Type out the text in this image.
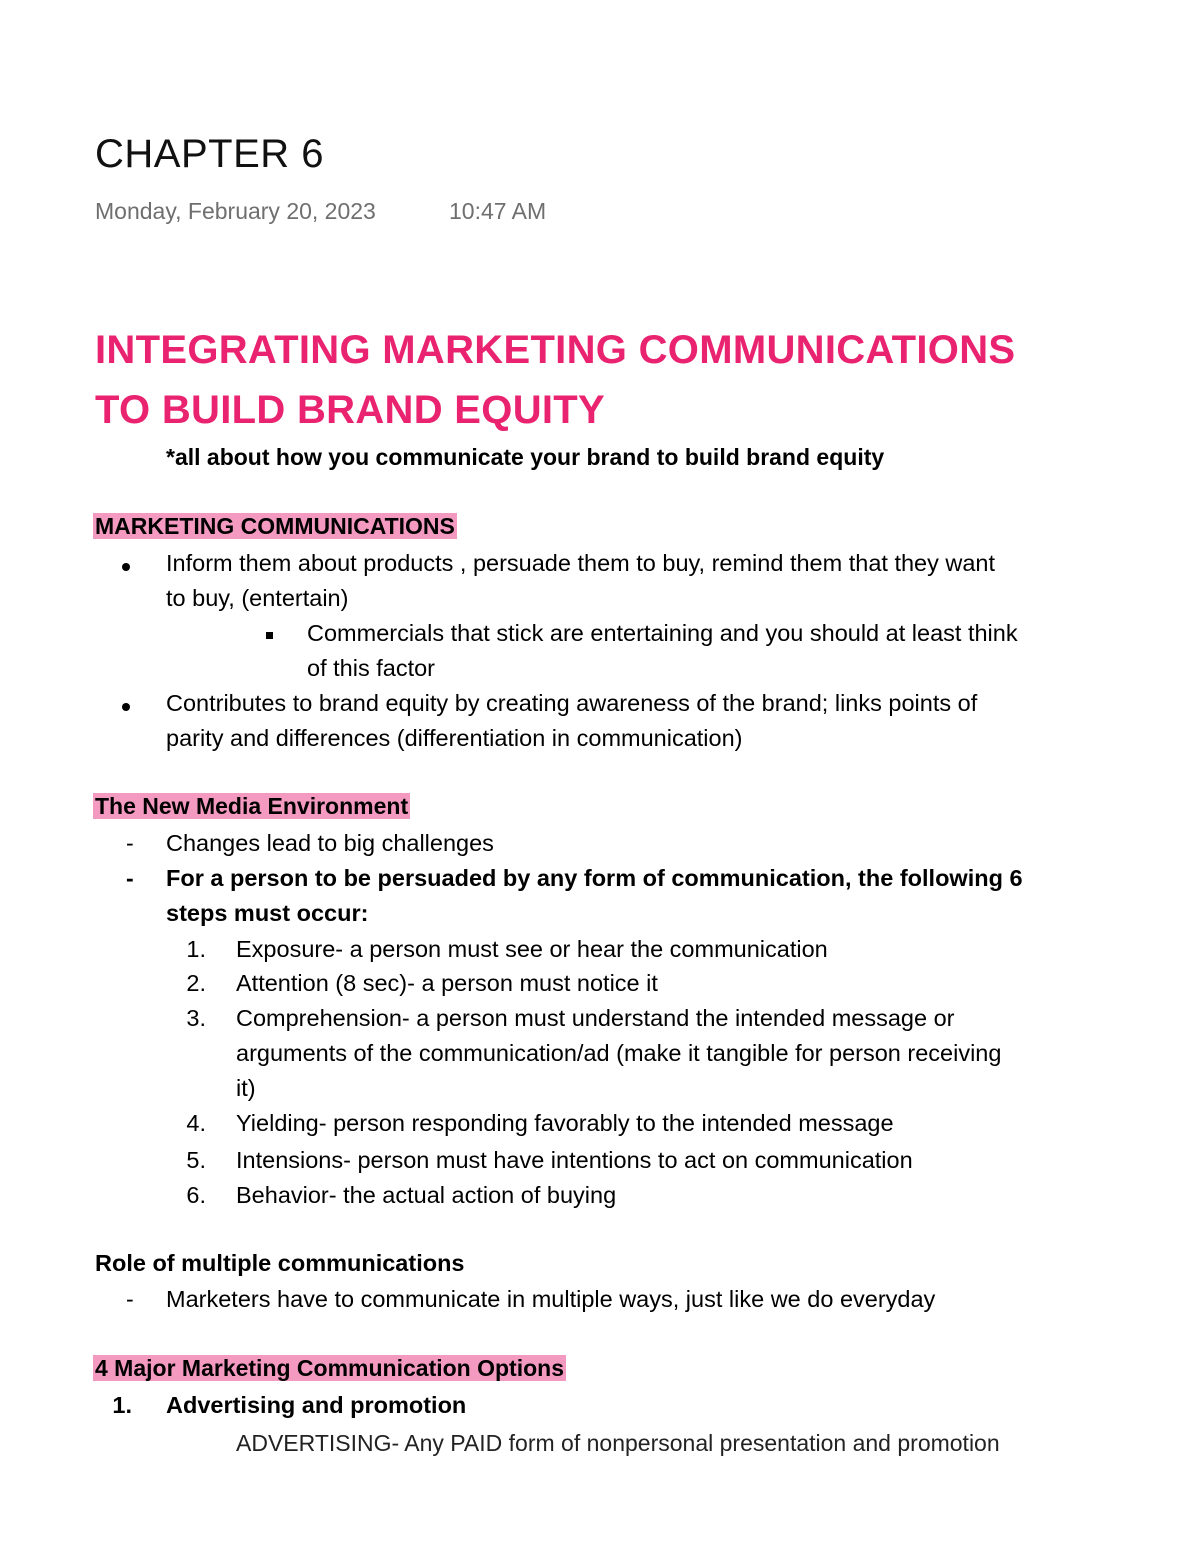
CHAPTER 6
Monday, February 20, 2023	10:47 AM
INTEGRATING MARKETING COMMUNICATIONS
TO BUILD BRAND EQUITY
*all about how you communicate your brand to build brand equity
MARKETING COMMUNICATIONS
Inform them about products , persuade them to buy, remind them that they want
to buy, (entertain)
Commercials that stick are entertaining and you should at least think
of this factor
Contributes to brand equity by creating awareness of the brand; links points of
parity and differences (differentiation in communication)
The New Media Environment
- Changes lead to big challenges
- For a person to be persuaded by any form of communication, the following 6
steps must occur:
1. Exposure- a person must see or hear the communication
2. Attention (8 sec)- a person must notice it
3. Comprehension- a person must understand the intended message or
arguments of the communication/ad (make it tangible for person receiving
it)
4. Yielding- person responding favorably to the intended message
5. Intensions- person must have intentions to act on communication
6. Behavior- the actual action of buying
Role of multiple communications
- Marketers have to communicate in multiple ways, just like we do everyday
4 Major Marketing Communication Options
1. Advertising and promotion
ADVERTISING- Any PAID form of nonpersonal presentation and promotion
